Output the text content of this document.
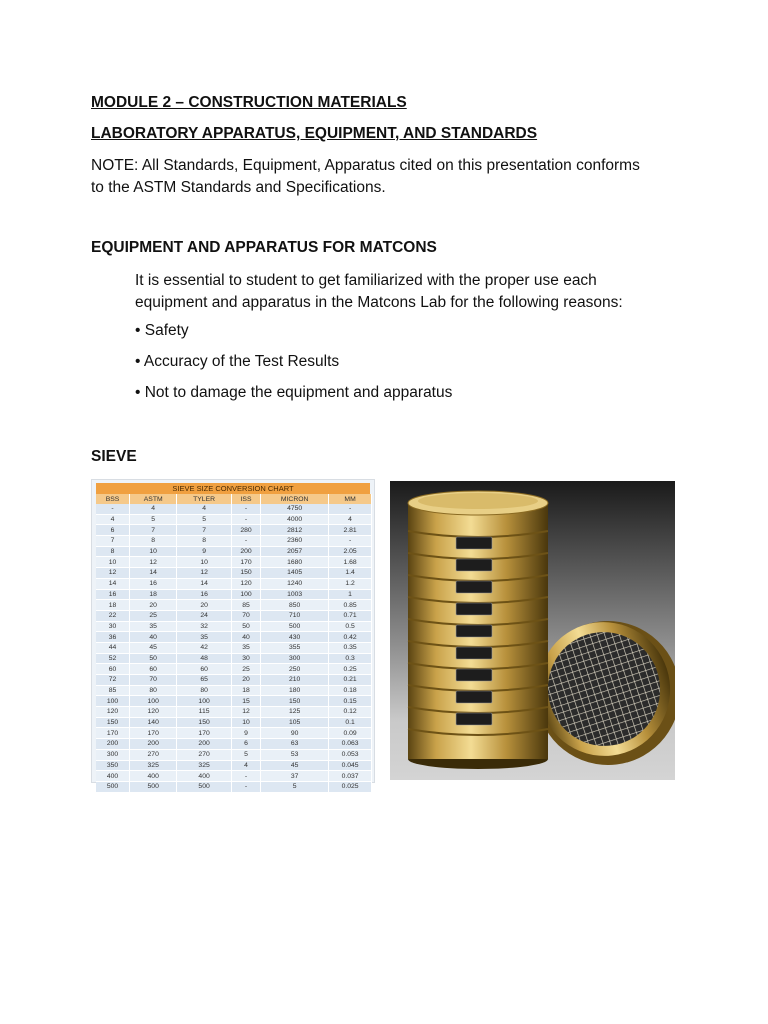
MODULE 2 – CONSTRUCTION MATERIALS

LABORATORY APPARATUS, EQUIPMENT, AND STANDARDS

NOTE: All Standards, Equipment, Apparatus cited on this presentation conforms
to the ASTM Standards and Specifications.

EQUIPMENT AND APPARATUS FOR MATCONS

It is essential to student to get familiarized with the proper use each
equipment and apparatus in the Matcons Lab for the following reasons:

• Safety

• Accuracy of the Test Results

• Not to damage the equipment and apparatus

SIEVE

SIEVE SIZE CONVERSION CHART
BSS	ASTM	TYLER	ISS	MICRON	MM
-	4	4	-	4750	-
4	5	5	-	4000	4
6	7	7	280	2812	2.81
7	8	8	-	2360	-
8	10	9	200	2057	2.05
10	12	10	170	1680	1.68
12	14	12	150	1405	1.4
14	16	14	120	1240	1.2
16	18	16	100	1003	1
18	20	20	85	850	0.85
22	25	24	70	710	0.71
30	35	32	50	500	0.5
36	40	35	40	430	0.42
44	45	42	35	355	0.35
52	50	48	30	300	0.3
60	60	60	25	250	0.25
72	70	65	20	210	0.21
85	80	80	18	180	0.18
100	100	100	15	150	0.15
120	120	115	12	125	0.12
150	140	150	10	105	0.1
170	170	170	9	90	0.09
200	200	200	6	63	0.063
300	270	270	5	53	0.053
350	325	325	4	45	0.045
400	400	400	-	37	0.037
500	500	500	-	5	0.025
